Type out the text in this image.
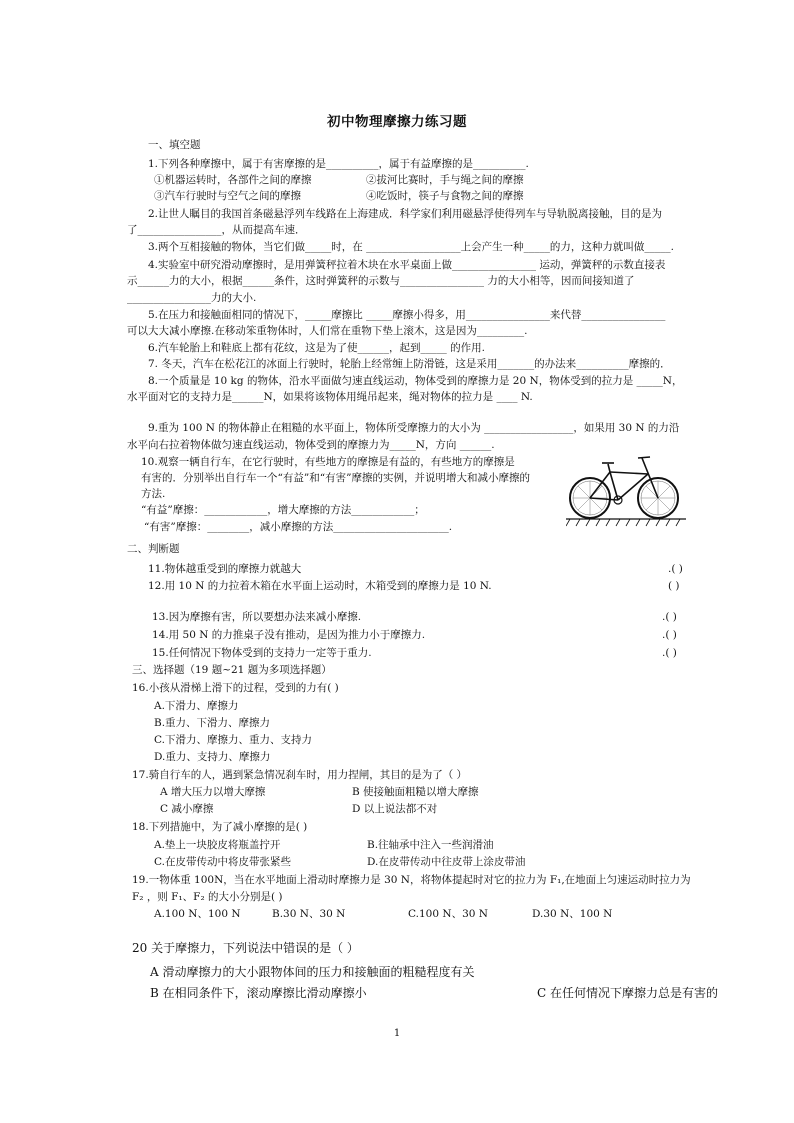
初中物理摩擦力练习题
一、填空题
1.下列各种摩擦中，属于有害摩擦的是__________，属于有益摩擦的是__________.
①机器运转时，各部件之间的摩擦	②拔河比赛时，手与绳之间的摩擦
③汽车行驶时与空气之间的摩擦	④吃饭时，筷子与食物之间的摩擦
2.让世人瞩目的我国首条磁悬浮列车线路在上海建成．科学家们利用磁悬浮使得列车与导轨脱离接触，目的是为
了________________，从而提高车速．
3.两个互相接触的物体，当它们做_____时，在 __________________上会产生一种_____的力，这种力就叫做_____.
4.实验室中研究滑动摩擦时，是用弹簧秤拉着木块在水平桌面上做________________ 运动，弹簧秤的示数直接表
示______力的大小，根据______条件，这时弹簧秤的示数与________________ 力的大小相等，因而间接知道了
________________力的大小.
5.在压力和接触面相同的情况下，_____摩擦比 _____摩擦小得多，用________________来代替________________
可以大大减小摩擦.在移动笨重物体时，人们常在重物下垫上滚木，这是因为_________.
6.汽车轮胎上和鞋底上都有花纹，这是为了使______，起到_____ 的作用.
7. 冬天，汽车在松花江的冰面上行驶时，轮胎上经常缠上防滑链，这是采用_______的办法来__________摩擦的．
8.一个质量是 10 kg 的物体，沿水平面做匀速直线运动，物体受到的摩擦力是 20 N，物体受到的拉力是 _____N，
水平面对它的支持力是______N，如果将该物体用绳吊起来，绳对物体的拉力是 ____ N.
9.重为 100 N 的物体静止在粗糙的水平面上，物体所受摩擦力的大小为 _________________，如果用 30 N 的力沿
水平向右拉着物体做匀速直线运动，物体受到的摩擦力为_____N，方向 ______.
10.观察一辆自行车，在它行驶时，有些地方的摩擦是有益的，有些地方的摩擦是
有害的．分别举出自行车一个“有益”和“有害”摩擦的实例，并说明增大和减小摩擦的
方法.
“有益”摩擦：____________，增大摩擦的方法____________；
“有害”摩擦：________，减小摩擦的方法______________________.
二、判断题
11.物体越重受到的摩擦力就越大	.( )
12.用 10 N 的力拉着木箱在水平面上运动时，木箱受到的摩擦力是 10 N.	( )
13.因为摩擦有害，所以要想办法来减小摩擦.	.( )
14.用 50 N 的力推桌子没有推动，是因为推力小于摩擦力.	.( )
15.任何情况下物体受到的支持力一定等于重力.	.( )
三、选择题（19 题~21 题为多项选择题）
16.小孩从滑梯上滑下的过程，受到的力有( )
A.下滑力、摩擦力
B.重力、下滑力、摩擦力
C.下滑力、摩擦力、重力、支持力
D.重力、支持力、摩擦力
17.骑自行车的人，遇到紧急情况刹车时，用力捏闸，其目的是为了（ ）
A 增大压力以增大摩擦	B 使接触面粗糙以增大摩擦
C 减小摩擦	D 以上说法都不对
18.下列措施中，为了减小摩擦的是( )
A.垫上一块胶皮将瓶盖拧开	B.往轴承中注入一些润滑油
C.在皮带传动中将皮带张紧些	D.在皮带传动中往皮带上涂皮带油
19.一物体重 100N，当在水平地面上滑动时摩擦力是 30 N，将物体提起时对它的拉力为 F₁,在地面上匀速运动时拉力为
F₂ ，则 F₁、F₂ 的大小分别是( )
A.100 N、100 N	B.30 N、30 N	C.100 N、30 N	D.30 N、100 N
20 关于摩擦力，下列说法中错误的是（ ）
A 滑动摩擦力的大小跟物体间的压力和接触面的粗糙程度有关
B 在相同条件下，滚动摩擦比滑动摩擦小	C 在任何情况下摩擦力总是有害的
1
